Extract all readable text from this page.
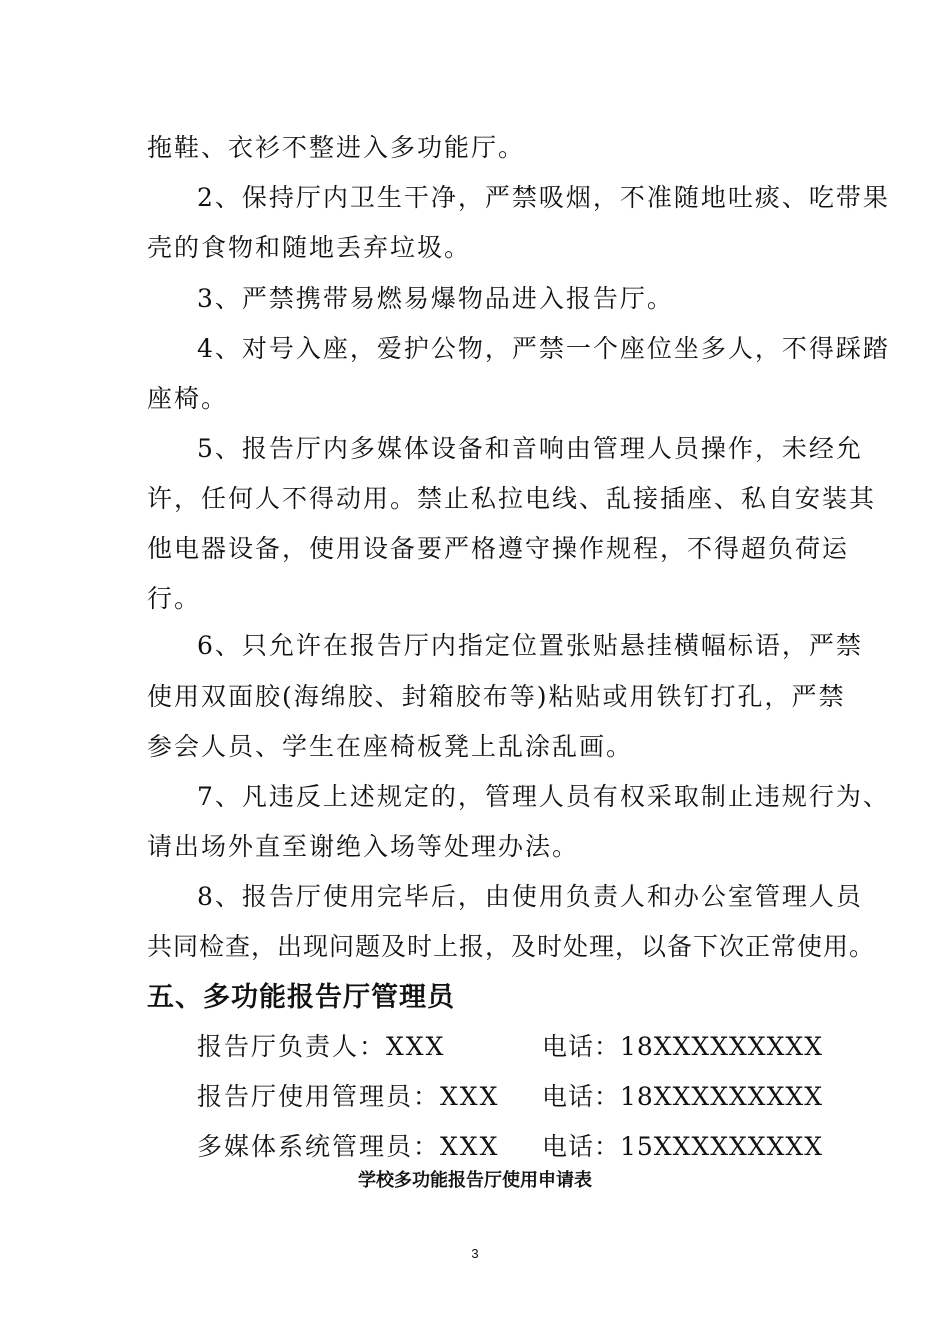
拖鞋、衣衫不整进入多功能厅。
2、保持厅内卫生干净，严禁吸烟，不准随地吐痰、吃带果
壳的食物和随地丢弃垃圾。
3、严禁携带易燃易爆物品进入报告厅。
4、对号入座，爱护公物，严禁一个座位坐多人，不得踩踏
座椅。
5、报告厅内多媒体设备和音响由管理人员操作，未经允
许，任何人不得动用。禁止私拉电线、乱接插座、私自安装其
他电器设备，使用设备要严格遵守操作规程，不得超负荷运
行。
6、只允许在报告厅内指定位置张贴悬挂横幅标语，严禁
使用双面胶(海绵胶、封箱胶布等)粘贴或用铁钉打孔，严禁
参会人员、学生在座椅板凳上乱涂乱画。
7、凡违反上述规定的，管理人员有权采取制止违规行为、
请出场外直至谢绝入场等处理办法。
8、报告厅使用完毕后，由使用负责人和办公室管理人员
共同检查，出现问题及时上报，及时处理，以备下次正常使用。
五、多功能报告厅管理员
报告厅负责人：XXX	电话：18XXXXXXXXX
报告厅使用管理员：XXX 电话：18XXXXXXXXX
多媒体系统管理员：XXX 电话：15XXXXXXXXX
学校多功能报告厅使用申请表
3
